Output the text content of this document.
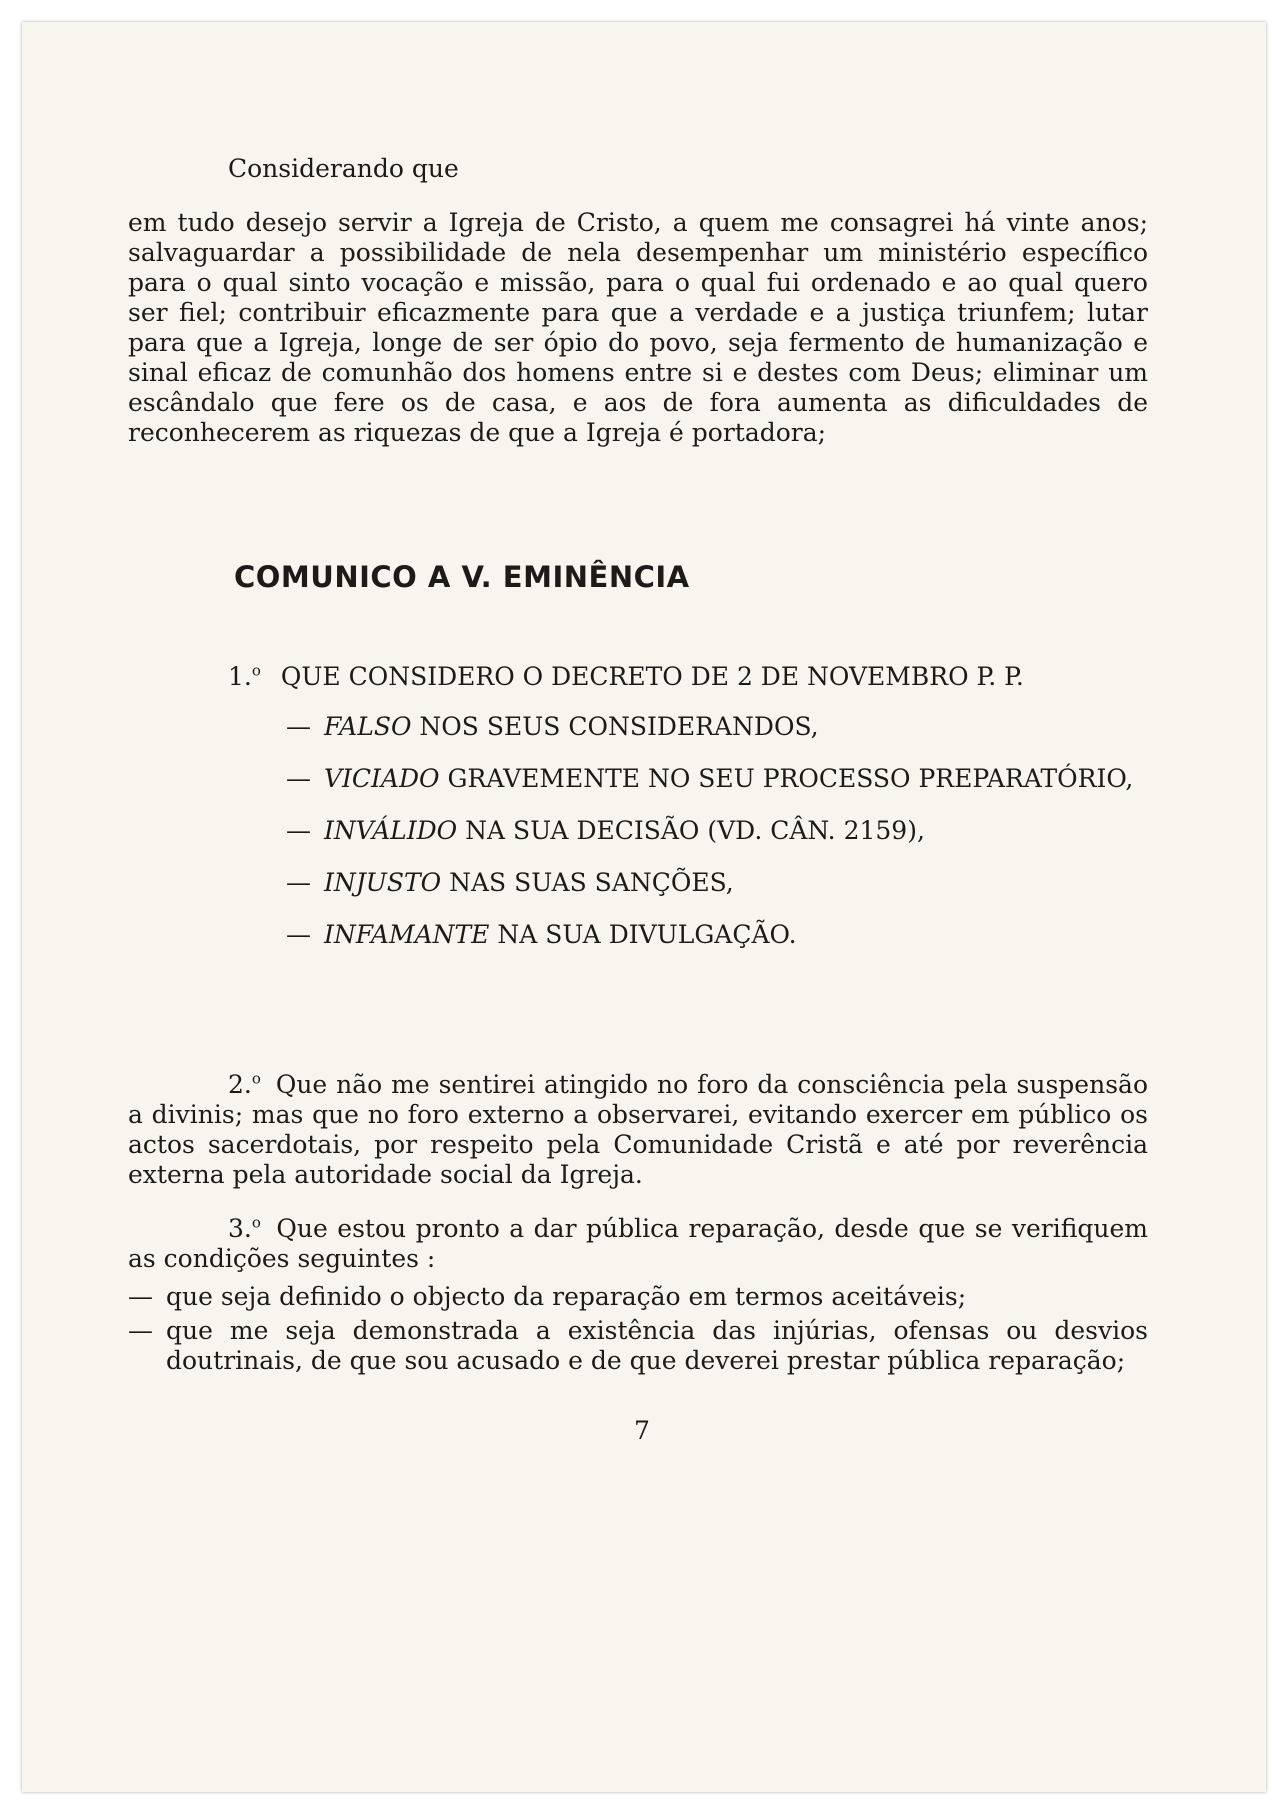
Considerando que
em tudo desejo servir a Igreja de Cristo, a quem me consagrei há vinte anos; salvaguardar a possibilidade de nela desempenhar um ministério específico para o qual sinto vocação e missão, para o qual fui ordenado e ao qual quero ser fiel; contribuir eficazmente para que a verdade e a justiça triunfem; lutar para que a Igreja, longe de ser ópio do povo, seja fermento de humanização e sinal eficaz de comunhão dos homens entre si e destes com Deus; eliminar um escândalo que fere os de casa, e aos de fora aumenta as dificuldades de reconhecerem as riquezas de que a Igreja é portadora;
COMUNICO A V. EMINÊNCIA
1.$^o$ QUE CONSIDERO O DECRETO DE 2 DE NOVEMBRO P. P.
— FALSO NOS SEUS CONSIDERANDOS,
— VICIADO GRAVEMENTE NO SEU PROCESSO PREPARATÓRIO,
— INVÁLIDO NA SUA DECISÃO (VD. CÂN. 2159),
— INJUSTO NAS SUAS SANÇÕES,
— INFAMANTE NA SUA DIVULGAÇÃO.
2.$^o$ Que não me sentirei atingido no foro da consciência pela suspensão a divinis; mas que no foro externo a observarei, evitando exercer em público os actos sacerdotais, por respeito pela Comunidade Cristã e até por reverência externa pela autoridade social da Igreja.
3.$^o$ Que estou pronto a dar pública reparação, desde que se verifiquem as condições seguintes :
— que seja definido o objecto da reparação em termos aceitáveis;
— que me seja demonstrada a existência das injúrias, ofensas ou desvios doutrinais, de que sou acusado e de que deverei prestar pública reparação;
7
